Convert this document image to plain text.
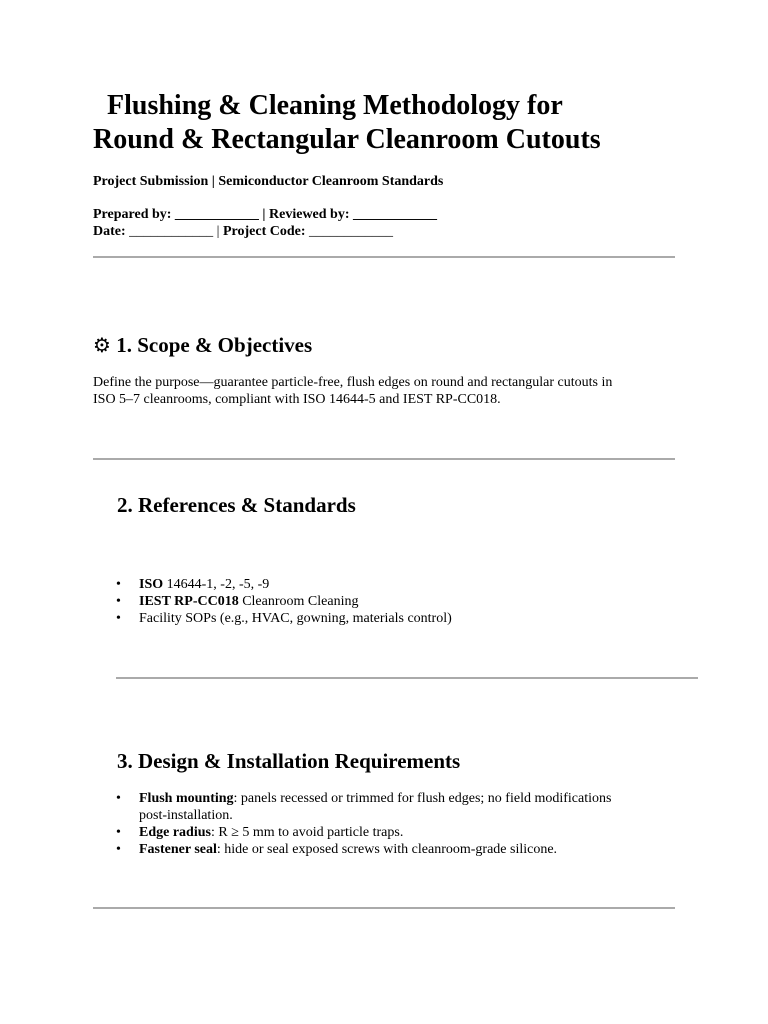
Flushing & Cleaning Methodology for
Round & Rectangular Cleanroom Cutouts
Project Submission | Semiconductor Cleanroom Standards
Prepared by: ____________ | Reviewed by: ____________
Date: ____________ | Project Code: ____________
⚙ 1. Scope & Objectives
Define the purpose—guarantee particle-free, flush edges on round and rectangular cutouts in
ISO 5–7 cleanrooms, compliant with ISO 14644-5 and IEST RP-CC018.
2. References & Standards
• ISO 14644-1, -2, -5, -9
• IEST RP-CC018 Cleanroom Cleaning
• Facility SOPs (e.g., HVAC, gowning, materials control)
3. Design & Installation Requirements
• Flush mounting: panels recessed or trimmed for flush edges; no field modifications
post-installation.
• Edge radius: R ≥ 5 mm to avoid particle traps.
• Fastener seal: hide or seal exposed screws with cleanroom-grade silicone.
